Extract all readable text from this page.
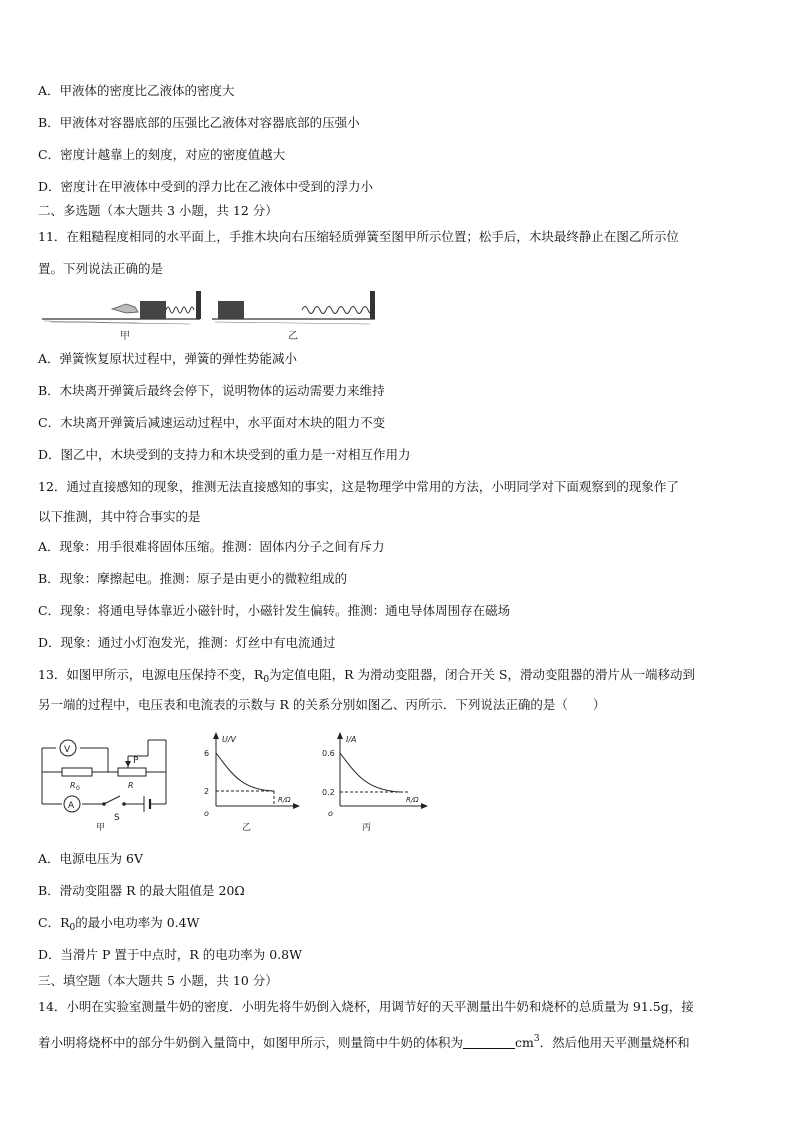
A．甲液体的密度比乙液体的密度大
B．甲液体对容器底部的压强比乙液体对容器底部的压强小
C．密度计越靠上的刻度，对应的密度值越大
D．密度计在甲液体中受到的浮力比在乙液体中受到的浮力小
二、多选题（本大题共 3 小题，共 12 分）
11．在粗糙程度相同的水平面上，手推木块向右压缩轻质弹簧至图甲所示位置；松手后，木块最终静止在图乙所示位
置。下列说法正确的是
甲	乙
A．弹簧恢复原状过程中，弹簧的弹性势能减小
B．木块离开弹簧后最终会停下，说明物体的运动需要力来维持
C．木块离开弹簧后减速运动过程中，水平面对木块的阻力不变
D．图乙中，木块受到的支持力和木块受到的重力是一对相互作用力
12．通过直接感知的现象，推测无法直接感知的事实，这是物理学中常用的方法，小明同学对下面观察到的现象作了
以下推测，其中符合事实的是
A．现象：用手很难将固体压缩。推测：固体内分子之间有斥力
B．现象：摩擦起电。推测：原子是由更小的微粒组成的
C．现象：将通电导体靠近小磁针时，小磁针发生偏转。推测：通电导体周围存在磁场
D．现象：通过小灯泡发光，推测：灯丝中有电流通过
13．如图甲所示，电源电压保持不变，$R_0$为定值电阻，R 为滑动变阻器，闭合开关 S，滑动变阻器的滑片从一端移动到
另一端的过程中，电压表和电流表的示数与 R 的关系分别如图乙、丙所示．下列说法正确的是（　　）
V
A
P
R 0	R
S
甲
U/V
R/Ω
6
2
o
乙
I/A
R/Ω
0.6
0.2
o
丙
A．电源电压为 6V
B．滑动变阻器 R 的最大阻值是 20Ω
C．$R_0$的最小电功率为 0.4W
D．当滑片 P 置于中点时，R 的电功率为 0.8W
三、填空题（本大题共 5 小题，共 10 分）
14．小明在实验室测量牛奶的密度．小明先将牛奶倒入烧杯，用调节好的天平测量出牛奶和烧杯的总质量为 91.5g，接
着小明将烧杯中的部分牛奶倒入量筒中，如图甲所示，则量筒中牛奶的体积为	$cm^3$．然后他用天平测量烧杯和
